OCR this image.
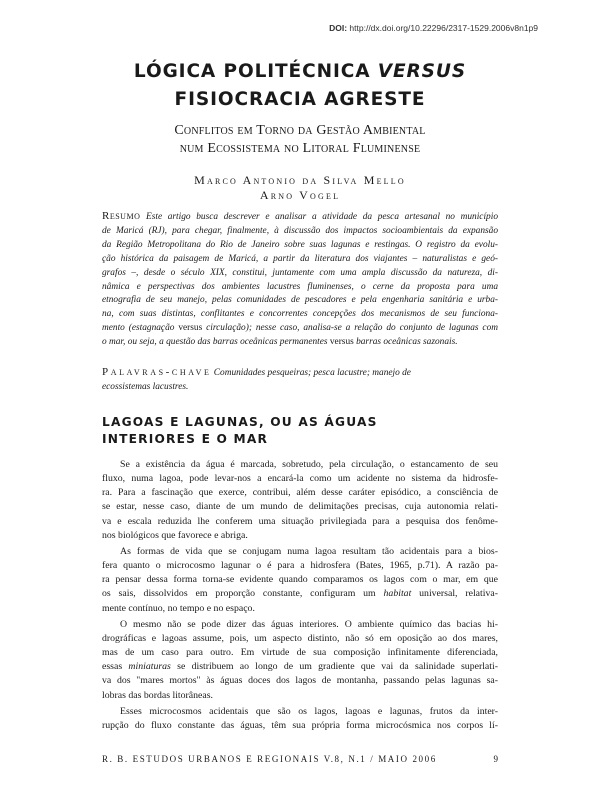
DOI: http://dx.doi.org/10.22296/2317-1529.2006v8n1p9
LÓGICA POLITÉCNICA VERSUS
FISIOCRACIA AGRESTE
Conflitos em Torno da Gestão Ambiental
num Ecossistema no Litoral Fluminense
Marco Antonio da Silva Mello
Arno Vogel
Resumo Este artigo busca descrever e analisar a atividade da pesca artesanal no município
de Maricá (RJ), para chegar, finalmente, à discussão dos impactos socioambientais da expansão
da Região Metropolitana do Rio de Janeiro sobre suas lagunas e restingas. O registro da evolu-
ção histórica da paisagem de Maricá, a partir da literatura dos viajantes – naturalistas e geó-
grafos –, desde o século XIX, constitui, juntamente com uma ampla discussão da natureza, di-
nâmica e perspectivas dos ambientes lacustres fluminenses, o cerne da proposta para uma
etnografia de seu manejo, pelas comunidades de pescadores e pela engenharia sanitária e urba-
na, com suas distintas, conflitantes e concorrentes concepções dos mecanismos de seu funciona-
mento (estagnação versus circulação); nesse caso, analisa-se a relação do conjunto de lagunas com
o mar, ou seja, a questão das barras oceânicas permanentes versus barras oceânicas sazonais.
Palavras-chave Comunidades pesqueiras; pesca lacustre; manejo de
ecossistemas lacustres.
LAGOAS E LAGUNAS, OU AS ÁGUAS
INTERIORES E O MAR
Se a existência da água é marcada, sobretudo, pela circulação, o estancamento de seu
fluxo, numa lagoa, pode levar-nos a encará-la como um acidente no sistema da hidrosfe-
ra. Para a fascinação que exerce, contribui, além desse caráter episódico, a consciência de
se estar, nesse caso, diante de um mundo de delimitações precisas, cuja autonomia relati-
va e escala reduzida lhe conferem uma situação privilegiada para a pesquisa dos fenôme-
nos biológicos que favorece e abriga.
As formas de vida que se conjugam numa lagoa resultam tão acidentais para a bios-
fera quanto o microcosmo lagunar o é para a hidrosfera (Bates, 1965, p.71). A razão pa-
ra pensar dessa forma torna-se evidente quando comparamos os lagos com o mar, em que
os sais, dissolvidos em proporção constante, configuram um habitat universal, relativa-
mente contínuo, no tempo e no espaço.
O mesmo não se pode dizer das águas interiores. O ambiente químico das bacias hi-
drográficas e lagoas assume, pois, um aspecto distinto, não só em oposição ao dos mares,
mas de um caso para outro. Em virtude de sua composição infinitamente diferenciada,
essas miniaturas se distribuem ao longo de um gradiente que vai da salinidade superlati-
va dos "mares mortos" às águas doces dos lagos de montanha, passando pelas lagunas sa-
lobras das bordas litorâneas.
Esses microcosmos acidentais que são os lagos, lagoas e lagunas, frutos da inter-
rupção do fluxo constante das águas, têm sua própria forma microcósmica nos corpos lí-
R. B. ESTUDOS URBANOS E REGIONAIS V.8, N.1 / MAIO 2006	9
